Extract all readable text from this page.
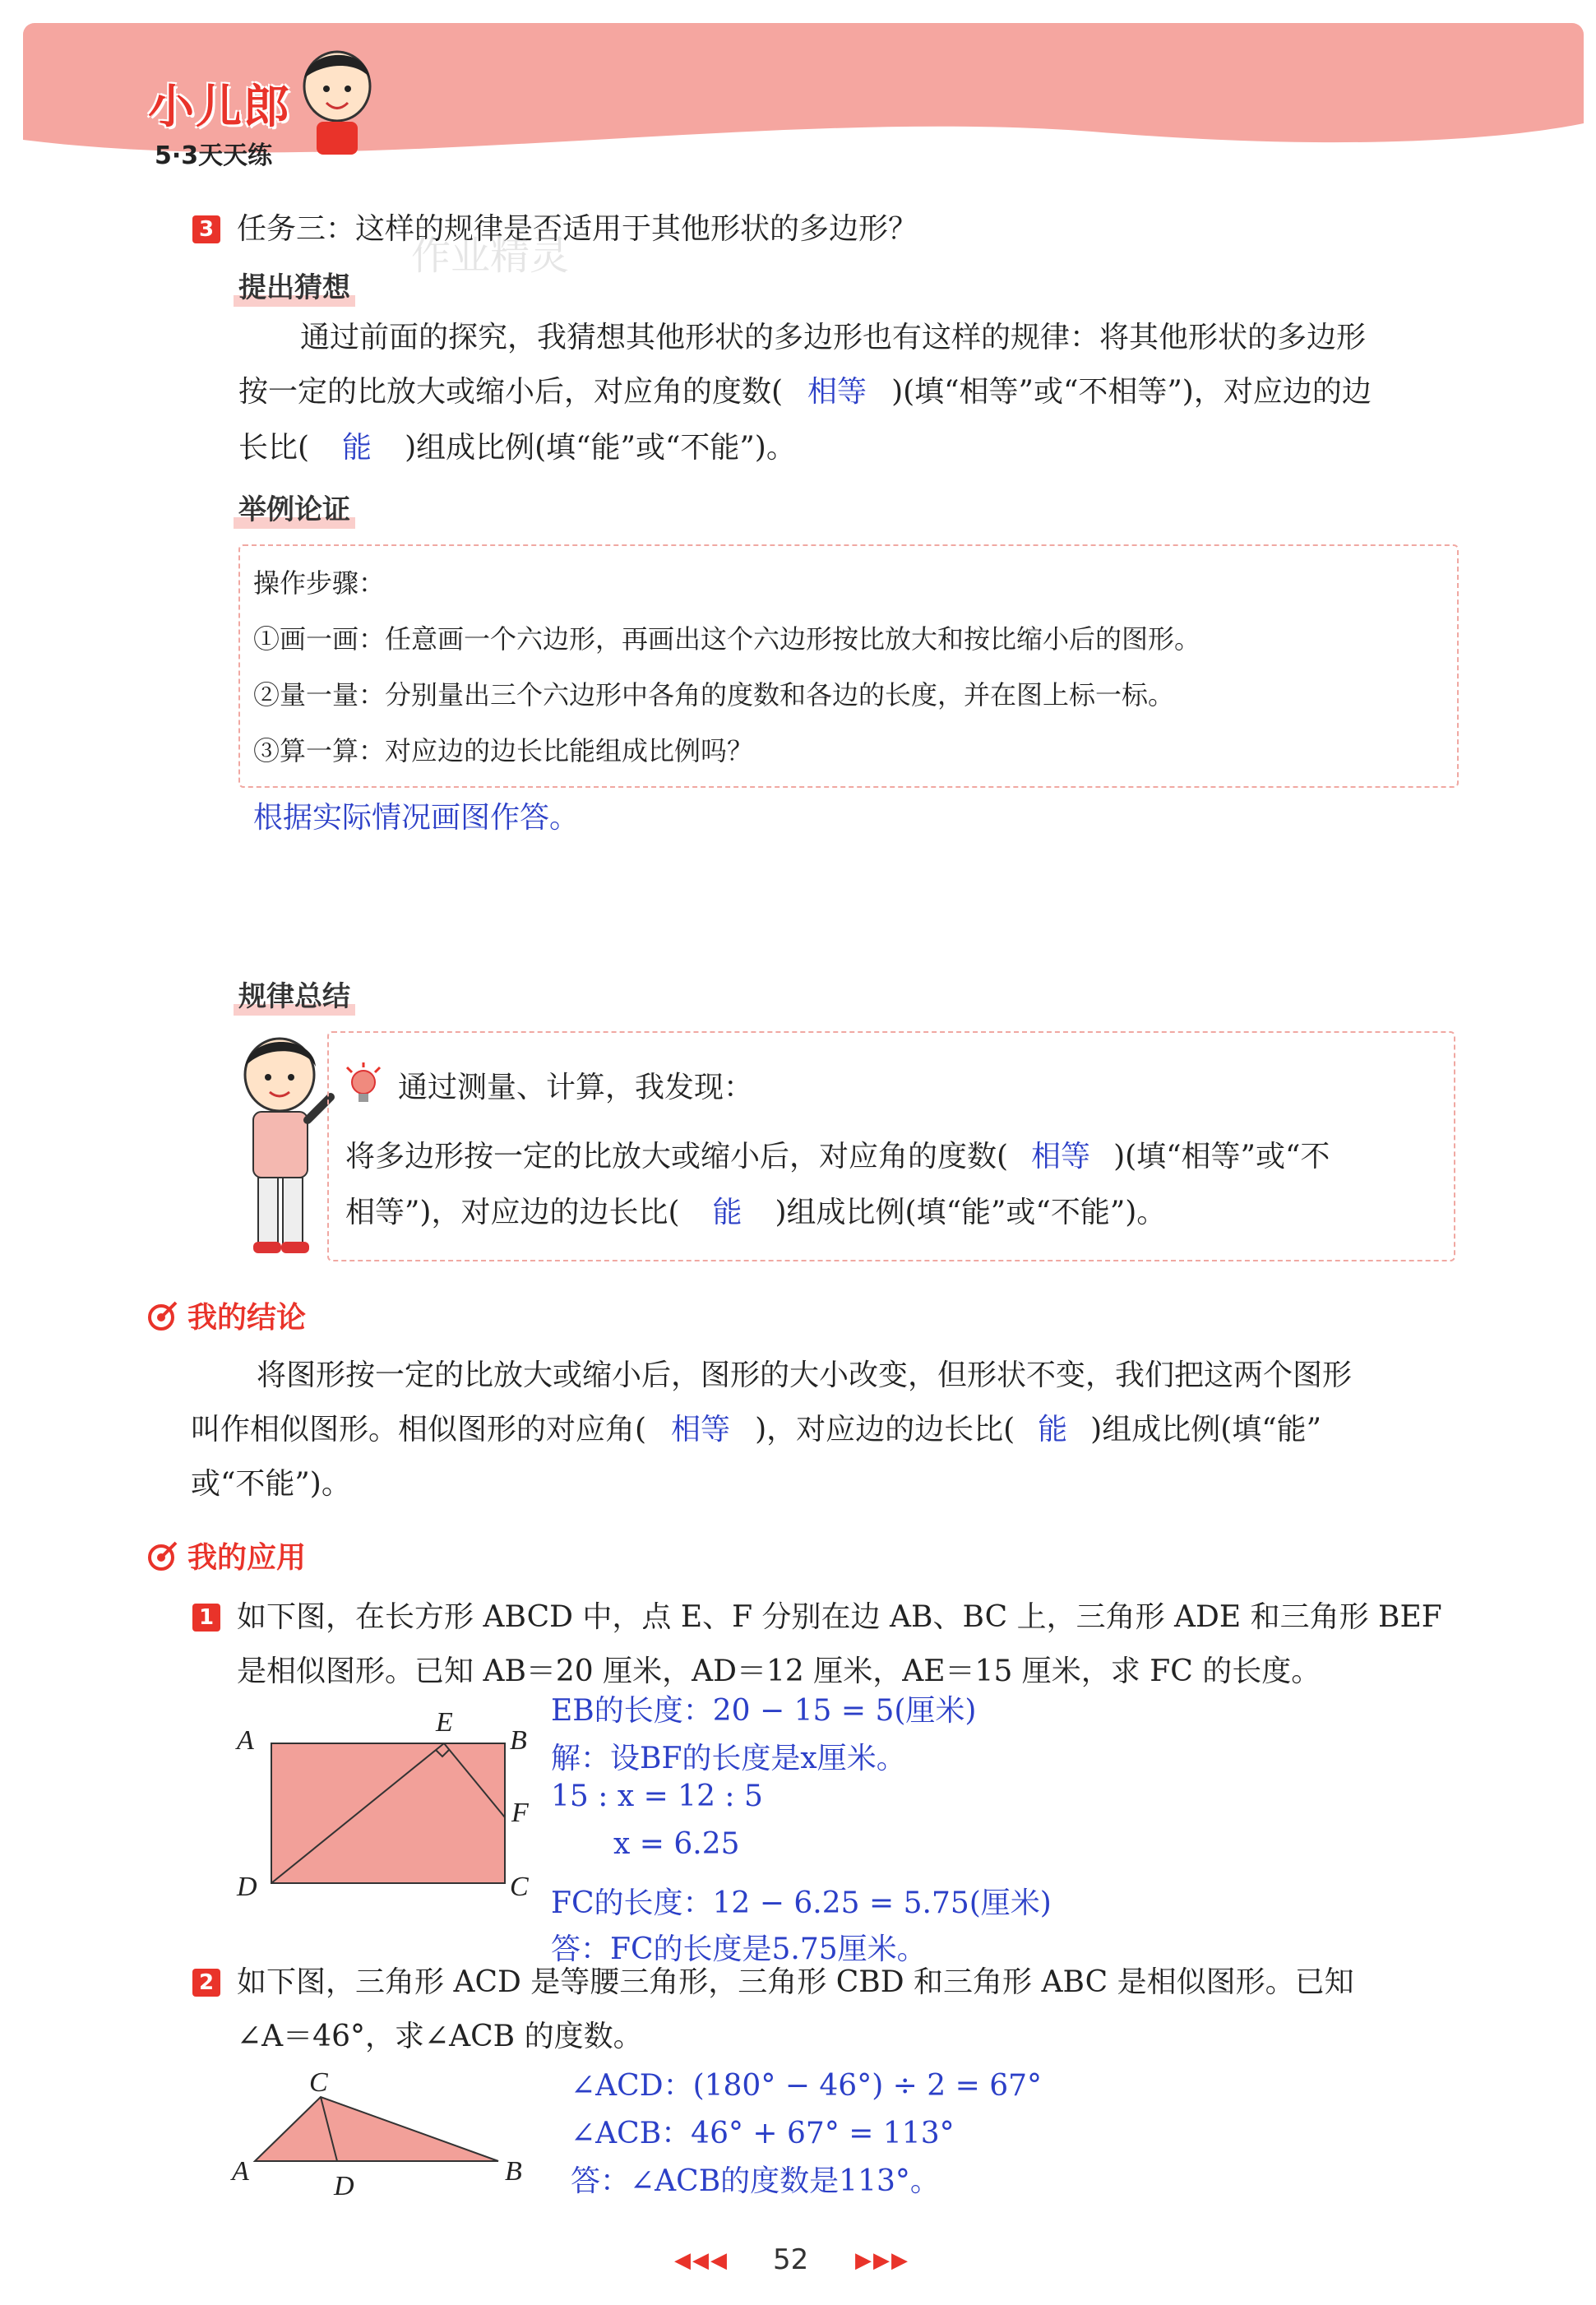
小儿郎
5·3天天练
3 任务三：这样的规律是否适用于其他形状的多边形？
作业精灵
提出猜想
通过前面的探究，我猜想其他形状的多边形也有这样的规律：将其他形状的多边形
按一定的比放大或缩小后，对应角的度数( 相等 )(填“相等”或“不相等”)，对应边的边
长比( 能 )组成比例(填“能”或“不能”)。
举例论证
操作步骤：
①画一画：任意画一个六边形，再画出这个六边形按比放大和按比缩小后的图形。
②量一量：分别量出三个六边形中各角的度数和各边的长度，并在图上标一标。
③算一算：对应边的边长比能组成比例吗？
根据实际情况画图作答。
规律总结
通过测量、计算，我发现：
将多边形按一定的比放大或缩小后，对应角的度数( 相等 )(填“相等”或“不
相等”)，对应边的边长比( 能 )组成比例(填“能”或“不能”)。
我的结论
将图形按一定的比放大或缩小后，图形的大小改变，但形状不变，我们把这两个图形
叫作相似图形。相似图形的对应角( 相等 )，对应边的边长比( 能 )组成比例(填“能”
或“不能”)。
我的应用
1 如下图，在长方形 ABCD 中，点 E、F 分别在边 AB、BC 上，三角形 ADE 和三角形 BEF
是相似图形。已知 AB＝20 厘米，AD＝12 厘米，AE＝15 厘米，求 FC 的长度。
A
E
B
F
D	C
EB的长度：20 − 15 = 5(厘米)
解：设BF的长度是x厘米。
15 : x = 12 : 5
x = 6.25
FC的长度：12 − 6.25 = 5.75(厘米)
答：FC的长度是5.75厘米。
2 如下图，三角形 ACD 是等腰三角形，三角形 CBD 和三角形 ABC 是相似图形。已知
∠A＝46°，求∠ACB 的度数。
C
A	D	B
∠ACD：(180° − 46°) ÷ 2 = 67°
∠ACB：46° + 67° = 113°
答：∠ACB的度数是113°。
◀◀◀ 52 ▶▶▶
